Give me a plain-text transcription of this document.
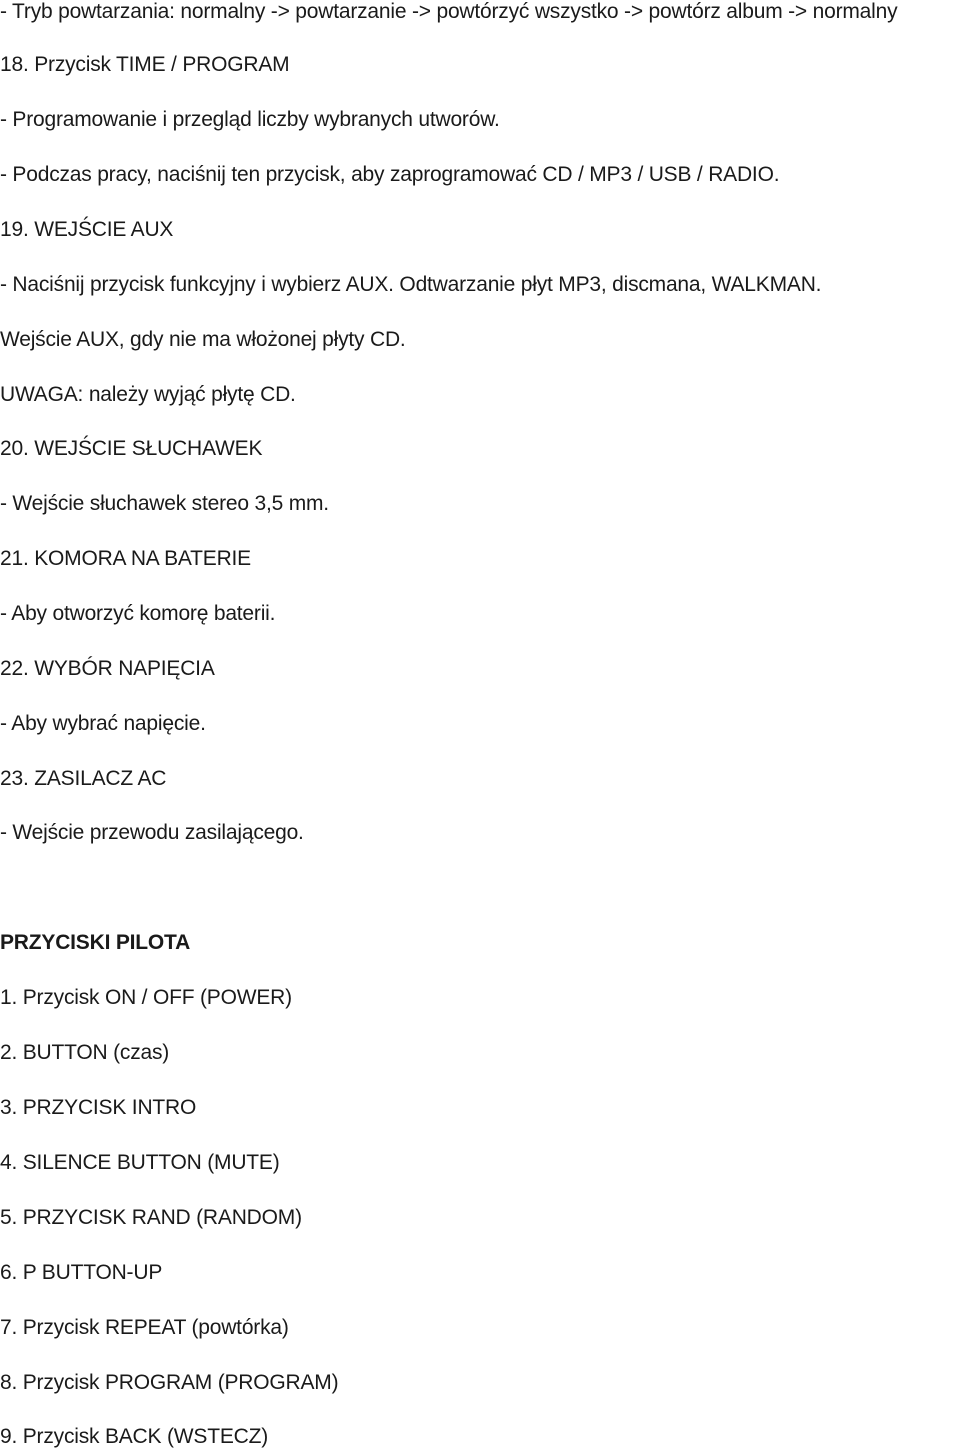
- Tryb powtarzania: normalny -> powtarzanie -> powtórzyć wszystko -> powtórz album -> normalny
18. Przycisk TIME / PROGRAM
- Programowanie i przegląd liczby wybranych utworów.
- Podczas pracy, naciśnij ten przycisk, aby zaprogramować CD / MP3 / USB / RADIO.
19. WEJŚCIE AUX
- Naciśnij przycisk funkcyjny i wybierz AUX. Odtwarzanie płyt MP3, discmana, WALKMAN.
Wejście AUX, gdy nie ma włożonej płyty CD.
UWAGA: należy wyjąć płytę CD.
20. WEJŚCIE SŁUCHAWEK
- Wejście słuchawek stereo 3,5 mm.
21. KOMORA NA BATERIE
- Aby otworzyć komorę baterii.
22. WYBÓR NAPIĘCIA
- Aby wybrać napięcie.
23. ZASILACZ AC
- Wejście przewodu zasilającego.
PRZYCISKI PILOTA
1. Przycisk ON / OFF (POWER)
2. BUTTON (czas)
3. PRZYCISK INTRO
4. SILENCE BUTTON (MUTE)
5. PRZYCISK RAND (RANDOM)
6. P BUTTON-UP
7. Przycisk REPEAT (powtórka)
8. Przycisk PROGRAM (PROGRAM)
9. Przycisk BACK (WSTECZ)
